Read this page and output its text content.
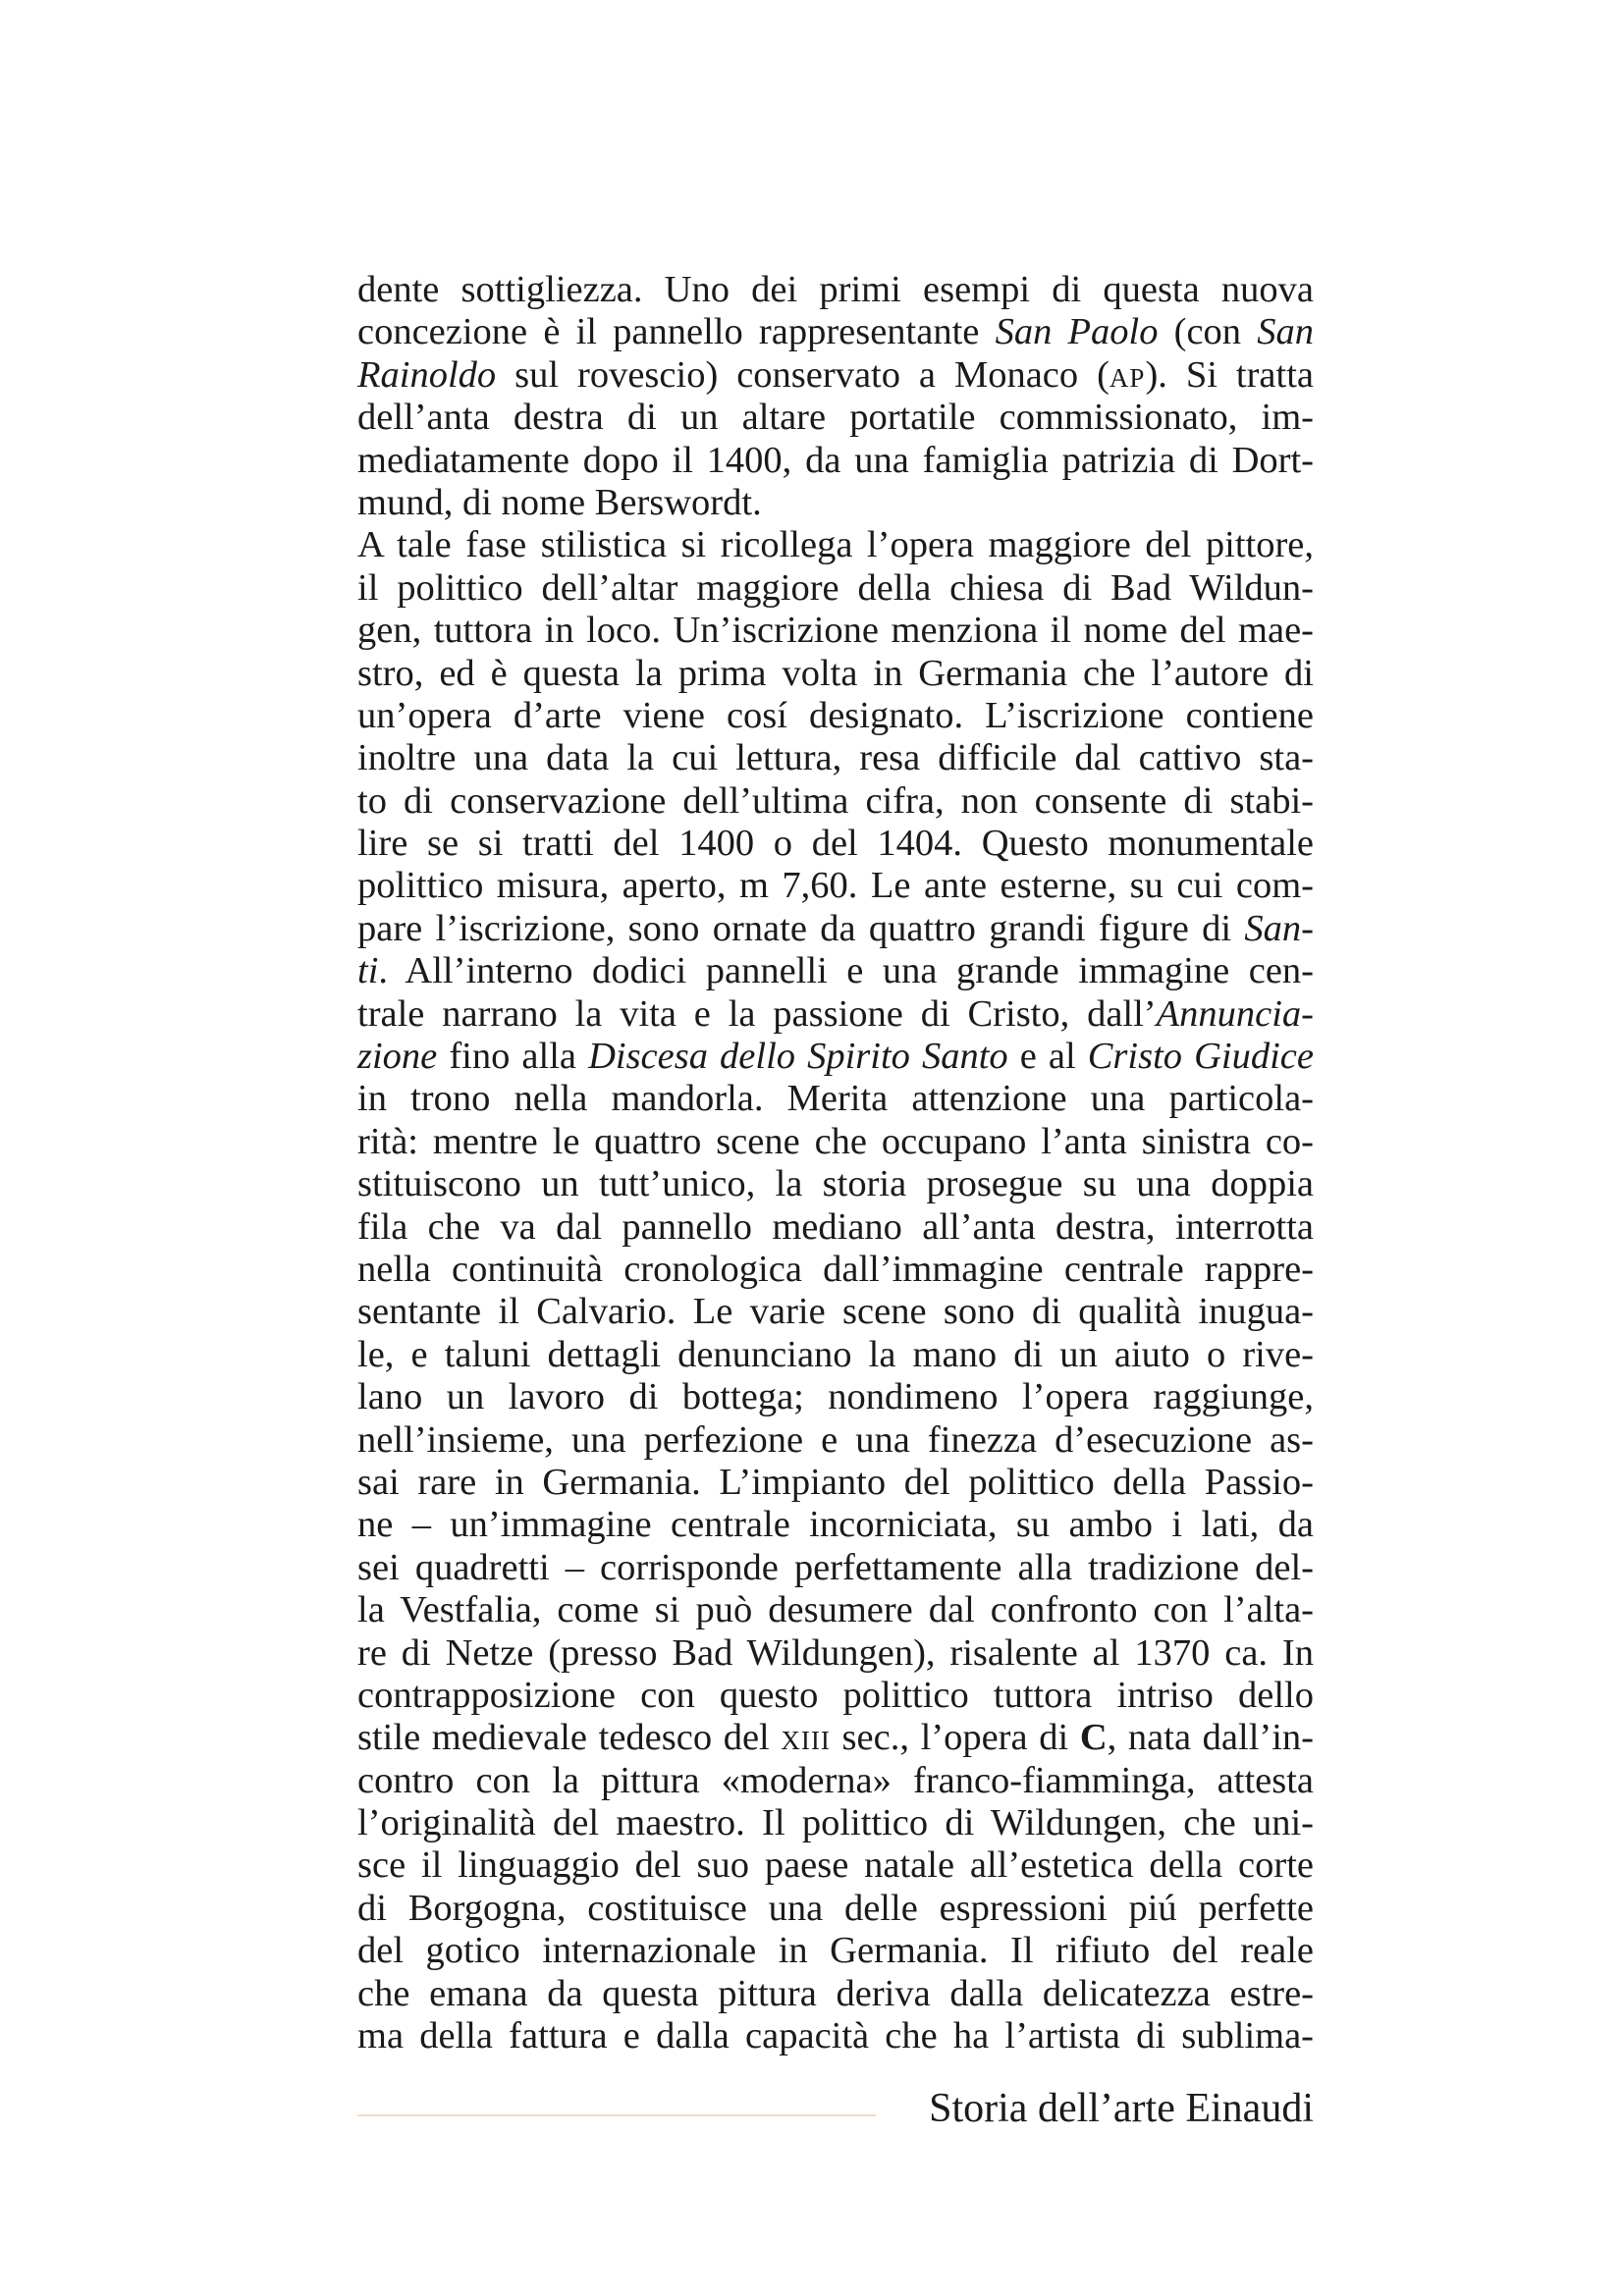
dente sottigliezza. Uno dei primi esempi di questa nuova
concezione è il pannello rappresentante San Paolo (con San
Rainoldo sul rovescio) conservato a Monaco (ap). Si tratta
dell’anta destra di un altare portatile commissionato, im-
mediatamente dopo il 1400, da una famiglia patrizia di Dort-
mund, di nome Berswordt.
A tale fase stilistica si ricollega l’opera maggiore del pittore,
il polittico dell’altar maggiore della chiesa di Bad Wildun-
gen, tuttora in loco. Un’iscrizione menziona il nome del mae-
stro, ed è questa la prima volta in Germania che l’autore di
un’opera d’arte viene cosí designato. L’iscrizione contiene
inoltre una data la cui lettura, resa difficile dal cattivo sta-
to di conservazione dell’ultima cifra, non consente di stabi-
lire se si tratti del 1400 o del 1404. Questo monumentale
polittico misura, aperto, m 7,60. Le ante esterne, su cui com-
pare l’iscrizione, sono ornate da quattro grandi figure di San-
ti. All’interno dodici pannelli e una grande immagine cen-
trale narrano la vita e la passione di Cristo, dall’Annuncia-
zione fino alla Discesa dello Spirito Santo e al Cristo Giudice
in trono nella mandorla. Merita attenzione una particola-
rità: mentre le quattro scene che occupano l’anta sinistra co-
stituiscono un tutt’unico, la storia prosegue su una doppia
fila che va dal pannello mediano all’anta destra, interrotta
nella continuità cronologica dall’immagine centrale rappre-
sentante il Calvario. Le varie scene sono di qualità inugua-
le, e taluni dettagli denunciano la mano di un aiuto o rive-
lano un lavoro di bottega; nondimeno l’opera raggiunge,
nell’insieme, una perfezione e una finezza d’esecuzione as-
sai rare in Germania. L’impianto del polittico della Passio-
ne – un’immagine centrale incorniciata, su ambo i lati, da
sei quadretti – corrisponde perfettamente alla tradizione del-
la Vestfalia, come si può desumere dal confronto con l’alta-
re di Netze (presso Bad Wildungen), risalente al 1370 ca. In
contrapposizione con questo polittico tuttora intriso dello
stile medievale tedesco del xiii sec., l’opera di C, nata dall’in-
contro con la pittura «moderna» franco-fiamminga, attesta
l’originalità del maestro. Il polittico di Wildungen, che uni-
sce il linguaggio del suo paese natale all’estetica della corte
di Borgogna, costituisce una delle espressioni piú perfette
del gotico internazionale in Germania. Il rifiuto del reale
che emana da questa pittura deriva dalla delicatezza estre-
ma della fattura e dalla capacità che ha l’artista di sublima-
Storia dell’arte Einaudi
